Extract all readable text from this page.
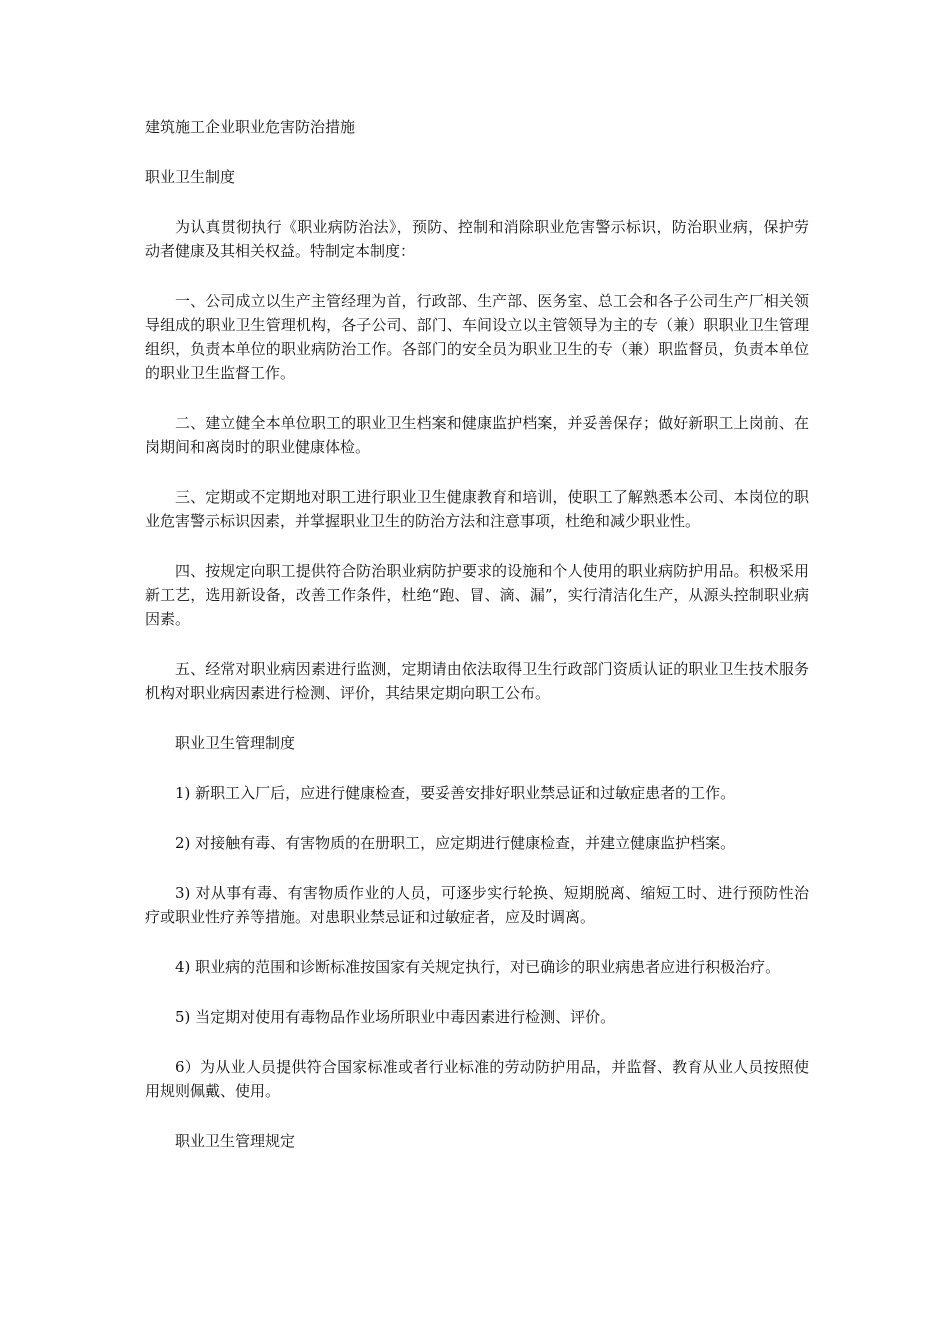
建筑施工企业职业危害防治措施

职业卫生制度

为认真贯彻执行《职业病防治法》，预防、控制和消除职业危害警示标识，防治职业病，保护劳动者健康及其相关权益。特制定本制度：

一、公司成立以生产主管经理为首，行政部、生产部、医务室、总工会和各子公司生产厂相关领导组成的职业卫生管理机构，各子公司、部门、车间设立以主管领导为主的专（兼）职职业卫生管理组织，负责本单位的职业病防治工作。各部门的安全员为职业卫生的专（兼）职监督员，负责本单位的职业卫生监督工作。

二、建立健全本单位职工的职业卫生档案和健康监护档案，并妥善保存；做好新职工上岗前、在岗期间和离岗时的职业健康体检。

三、定期或不定期地对职工进行职业卫生健康教育和培训，使职工了解熟悉本公司、本岗位的职业危害警示标识因素，并掌握职业卫生的防治方法和注意事项，杜绝和减少职业性。

四、按规定向职工提供符合防治职业病防护要求的设施和个人使用的职业病防护用品。积极采用新工艺，选用新设备，改善工作条件，杜绝“跑、冒、滴、漏”，实行清洁化生产，从源头控制职业病因素。

五、经常对职业病因素进行监测，定期请由依法取得卫生行政部门资质认证的职业卫生技术服务机构对职业病因素进行检测、评价，其结果定期向职工公布。

职业卫生管理制度

1) 新职工入厂后，应进行健康检查，要妥善安排好职业禁忌证和过敏症患者的工作。

2) 对接触有毒、有害物质的在册职工，应定期进行健康检查，并建立健康监护档案。

3) 对从事有毒、有害物质作业的人员，可逐步实行轮换、短期脱离、缩短工时、进行预防性治疗或职业性疗养等措施。对患职业禁忌证和过敏症者，应及时调离。

4) 职业病的范围和诊断标准按国家有关规定执行，对已确诊的职业病患者应进行积极治疗。

5) 当定期对使用有毒物品作业场所职业中毒因素进行检测、评价。

6）为从业人员提供符合国家标准或者行业标准的劳动防护用品，并监督、教育从业人员按照使用规则佩戴、使用。

职业卫生管理规定
